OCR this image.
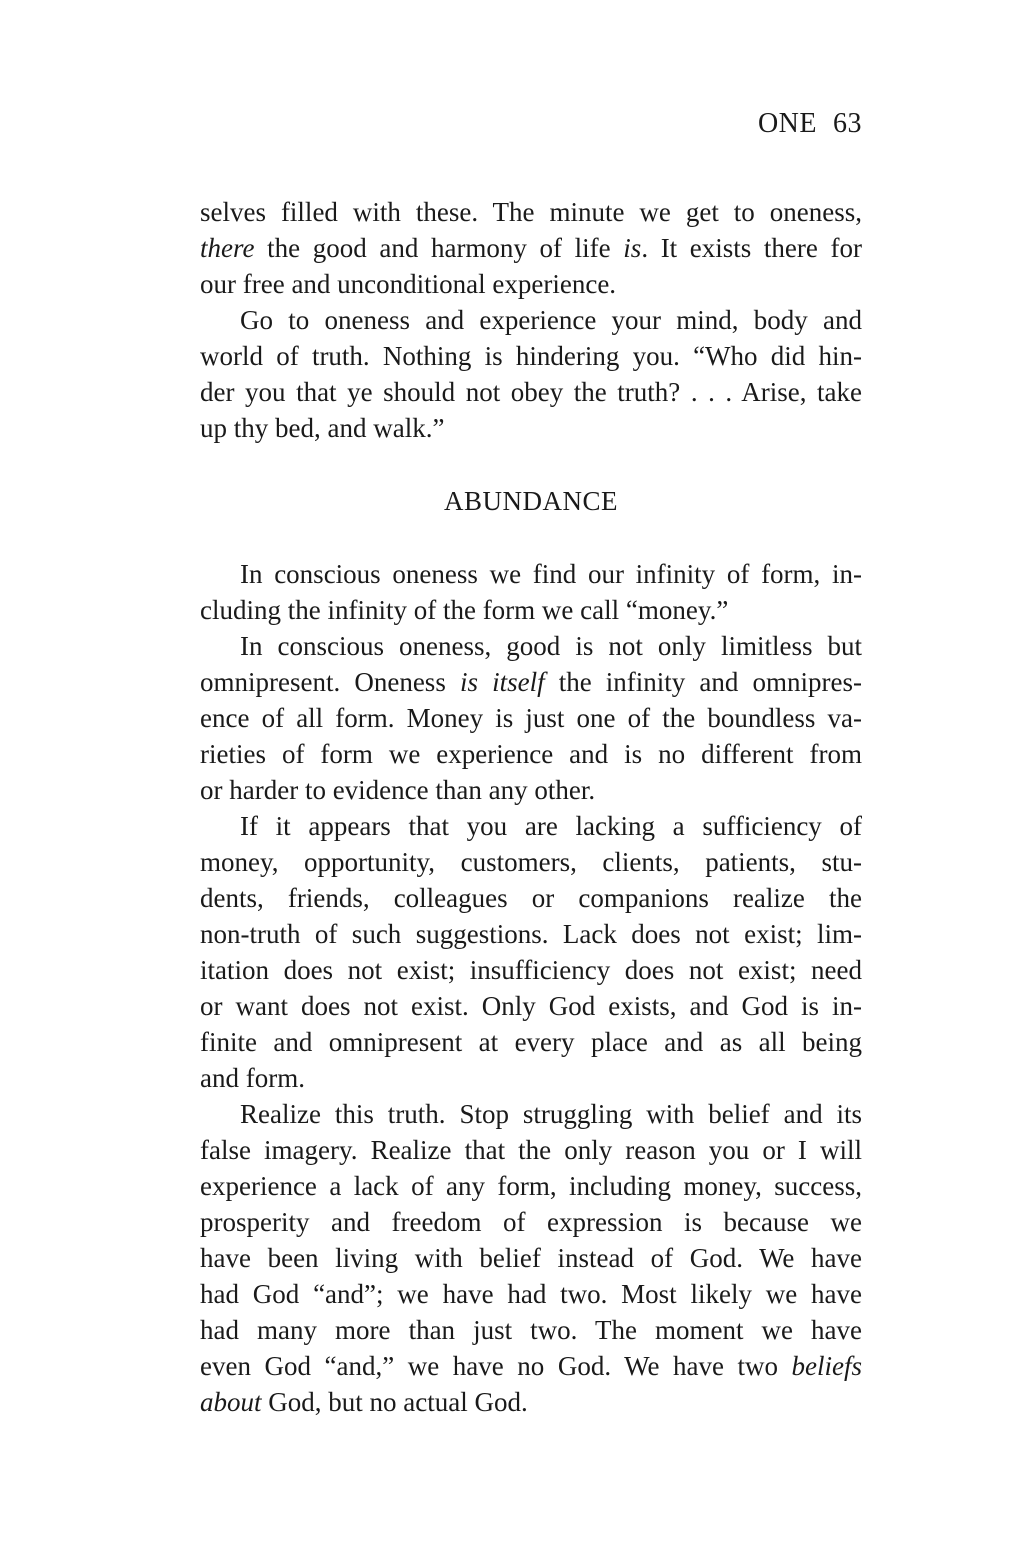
ONE 63
selves filled with these. The minute we get to oneness,
there the good and harmony of life is. It exists there for
our free and unconditional experience.
Go to oneness and experience your mind, body and
world of truth. Nothing is hindering you. “Who did hin-
der you that ye should not obey the truth? . . . Arise, take
up thy bed, and walk.”
ABUNDANCE
In conscious oneness we find our infinity of form, in-
cluding the infinity of the form we call “money.”
In conscious oneness, good is not only limitless but
omnipresent. Oneness is itself the infinity and omnipres-
ence of all form. Money is just one of the boundless va-
rieties of form we experience and is no different from
or harder to evidence than any other.
If it appears that you are lacking a sufficiency of
money, opportunity, customers, clients, patients, stu-
dents, friends, colleagues or companions realize the
non-truth of such suggestions. Lack does not exist; lim-
itation does not exist; insufficiency does not exist; need
or want does not exist. Only God exists, and God is in-
finite and omnipresent at every place and as all being
and form.
Realize this truth. Stop struggling with belief and its
false imagery. Realize that the only reason you or I will
experience a lack of any form, including money, success,
prosperity and freedom of expression is because we
have been living with belief instead of God. We have
had God “and”; we have had two. Most likely we have
had many more than just two. The moment we have
even God “and,” we have no God. We have two beliefs
about God, but no actual God.
